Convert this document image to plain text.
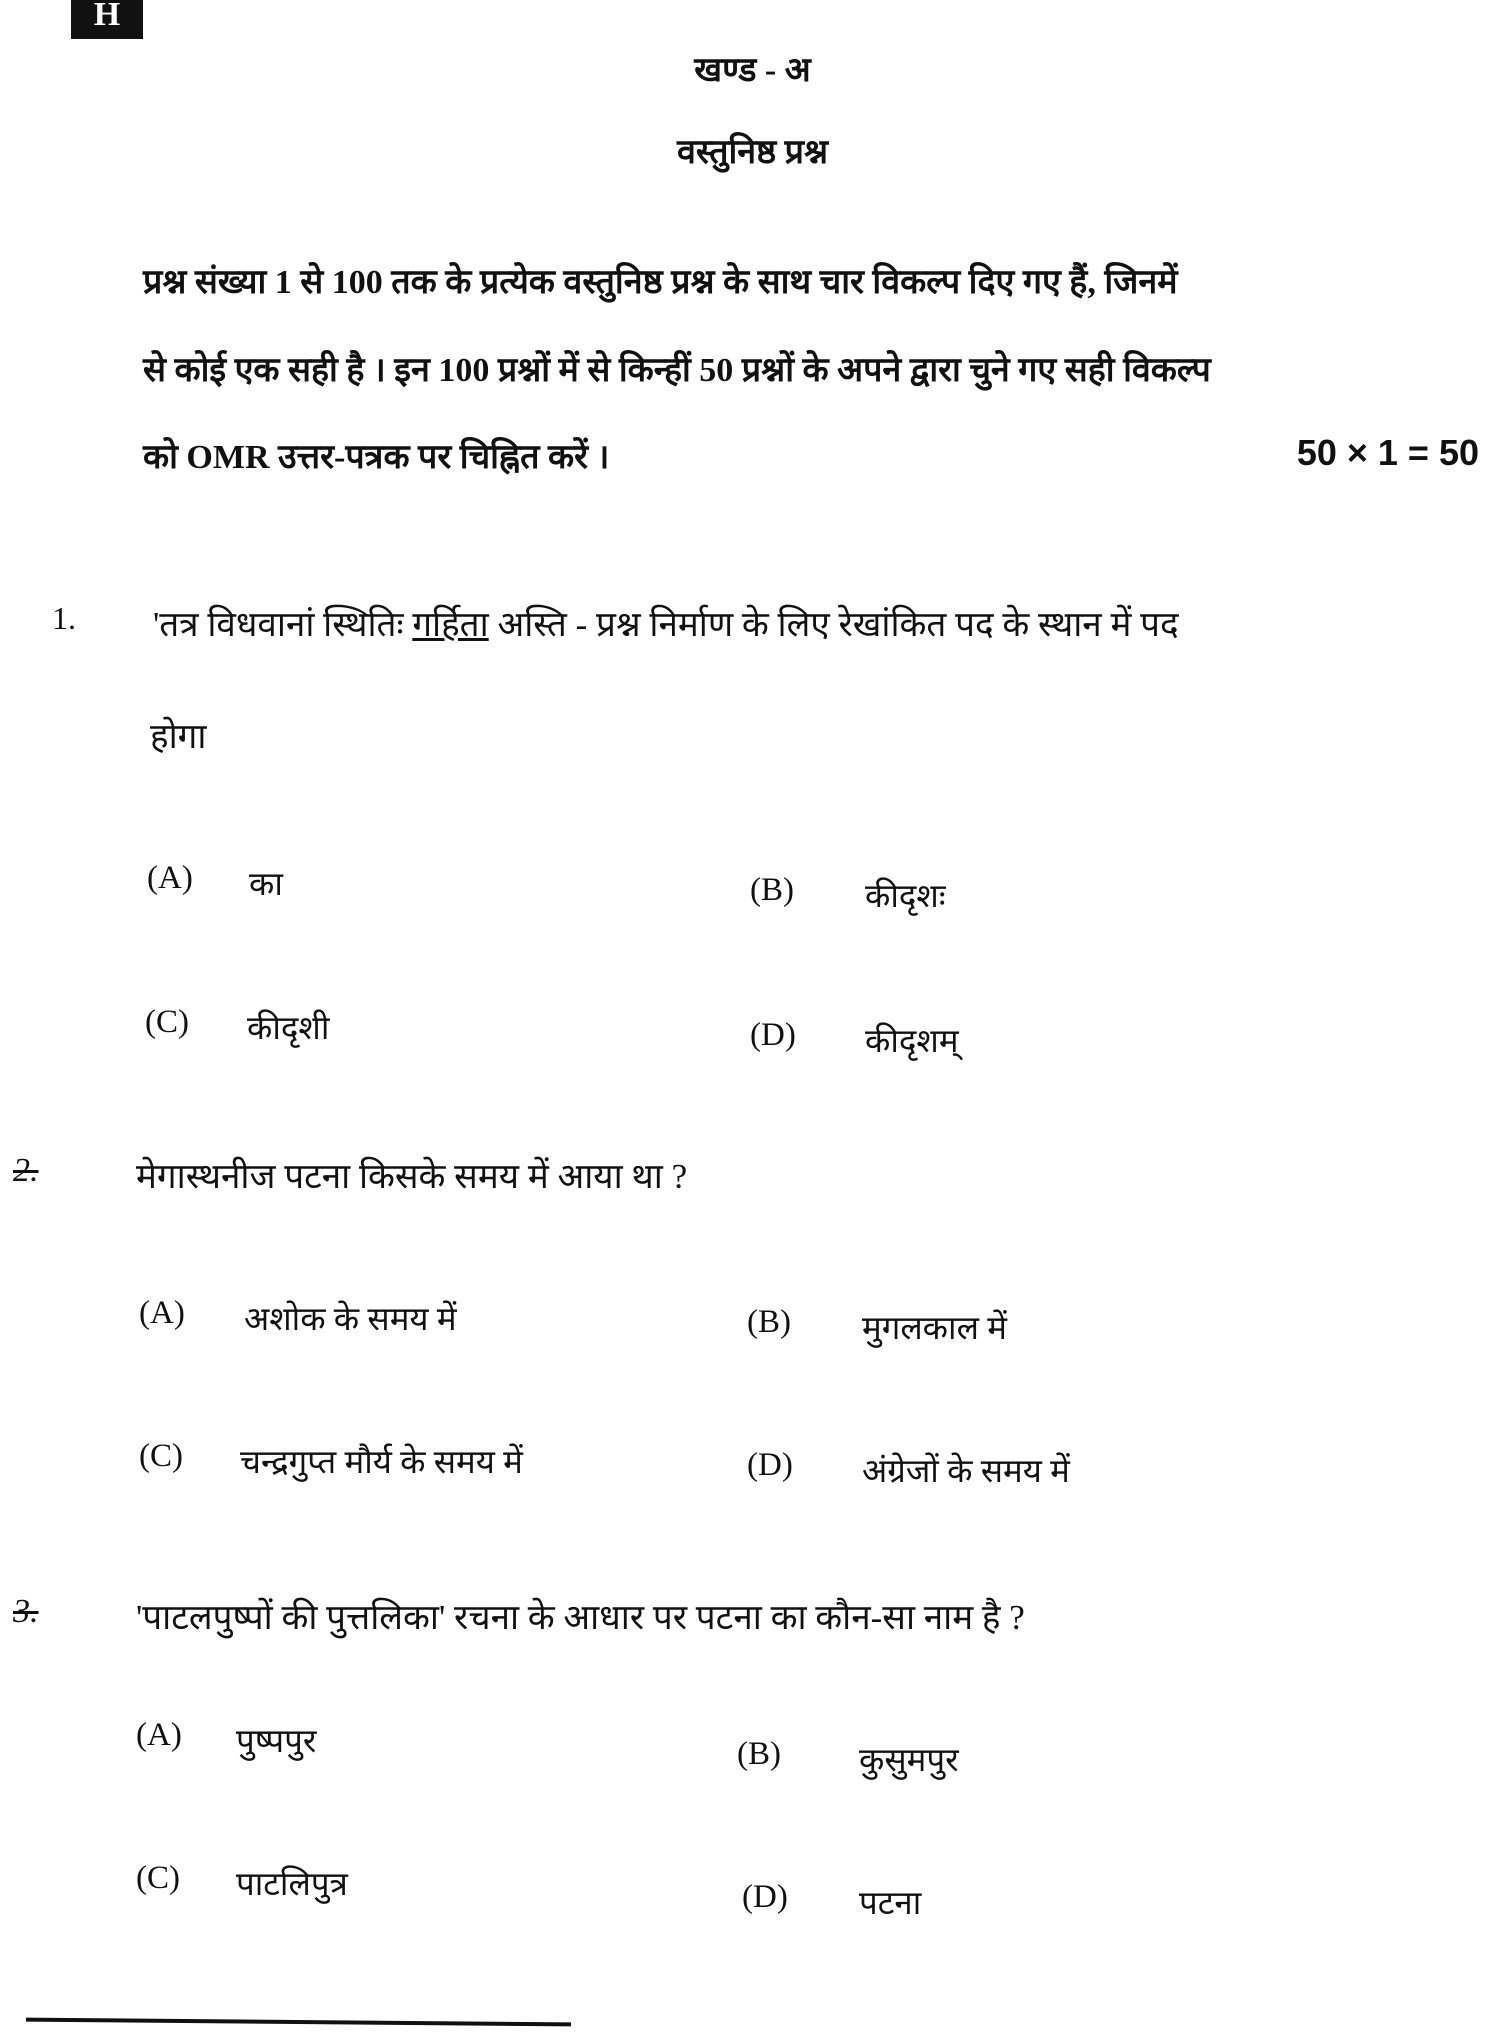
H
खण्ड - अ
वस्तुनिष्ठ प्रश्न
प्रश्न संख्या 1 से 100 तक के प्रत्येक वस्तुनिष्ठ प्रश्न के साथ चार विकल्प दिए गए हैं, जिनमें
से कोई एक सही है । इन 100 प्रश्नों में से किन्हीं 50 प्रश्नों के अपने द्वारा चुने गए सही विकल्प
को OMR उत्तर-पत्रक पर चिह्नित करें ।	50 × 1 = 50
1. 'तत्र विधवानां स्थितिः गर्हिता अस्ति - प्रश्न निर्माण के लिए रेखांकित पद के स्थान में पद
होगा
(A) का	(B) कीदृशः
(C) कीदृशी	(D) कीदृशम्
2.	मेगास्थनीज पटना किसके समय में आया था ?
(A) अशोक के समय में	(B) मुगलकाल में
(C) चन्द्रगुप्त मौर्य के समय में	(D) अंग्रेजों के समय में
3.	'पाटलपुष्पों की पुत्तलिका' रचना के आधार पर पटना का कौन-सा नाम है ?
(A) पुष्पपुर	(B) कुसुमपुर
(C) पाटलिपुत्र	(D) पटना
